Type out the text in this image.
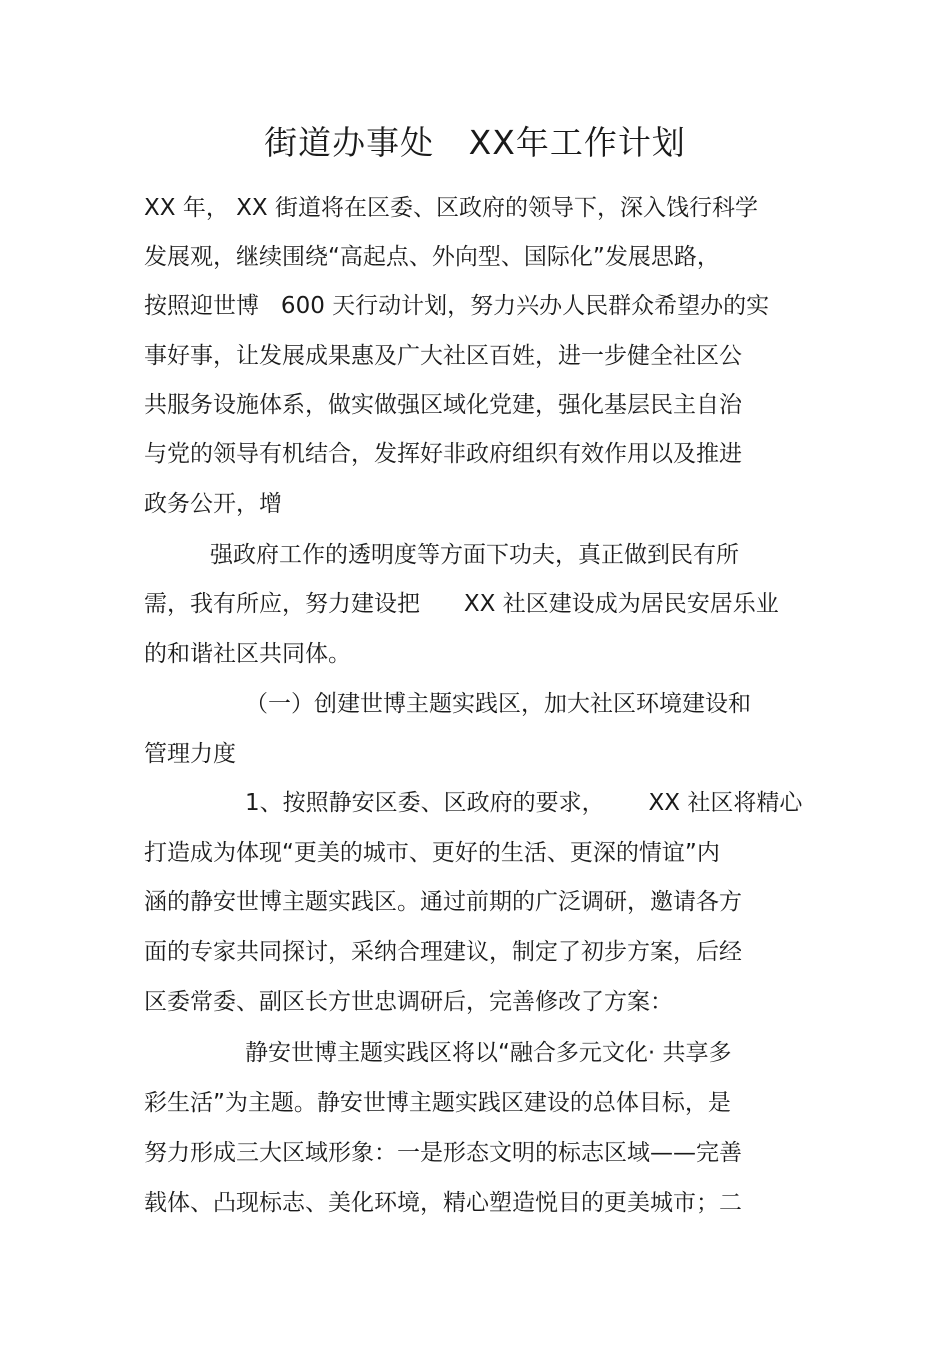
街道办事处   XX年工作计划
XX 年， XX 街道将在区委、区政府的领导下，深入饯行科学
发展观，继续围绕“高起点、外向型、国际化”发展思路，
按照迎世博   600 天行动计划，努力兴办人民群众希望办的实
事好事，让发展成果惠及广大社区百姓，进一步健全社区公
共服务设施体系，做实做强区域化党建，强化基层民主自治
与党的领导有机结合，发挥好非政府组织有效作用以及推进
政务公开，增
强政府工作的透明度等方面下功夫，真正做到民有所
需，我有所应，努力建设把      XX 社区建设成为居民安居乐业
的和谐社区共同体。
（一）创建世博主题实践区，加大社区环境建设和
管理力度
1、按照静安区委、区政府的要求，      XX 社区将精心
打造成为体现“更美的城市、更好的生活、更深的情谊”内
涵的静安世博主题实践区。通过前期的广泛调研，邀请各方
面的专家共同探讨，采纳合理建议，制定了初步方案，后经
区委常委、副区长方世忠调研后，完善修改了方案：
静安世博主题实践区将以“融合多元文化· 共享多
彩生活”为主题。静安世博主题实践区建设的总体目标，是
努力形成三大区域形象：一是形态文明的标志区域——完善
载体、凸现标志、美化环境，精心塑造悦目的更美城市；二
